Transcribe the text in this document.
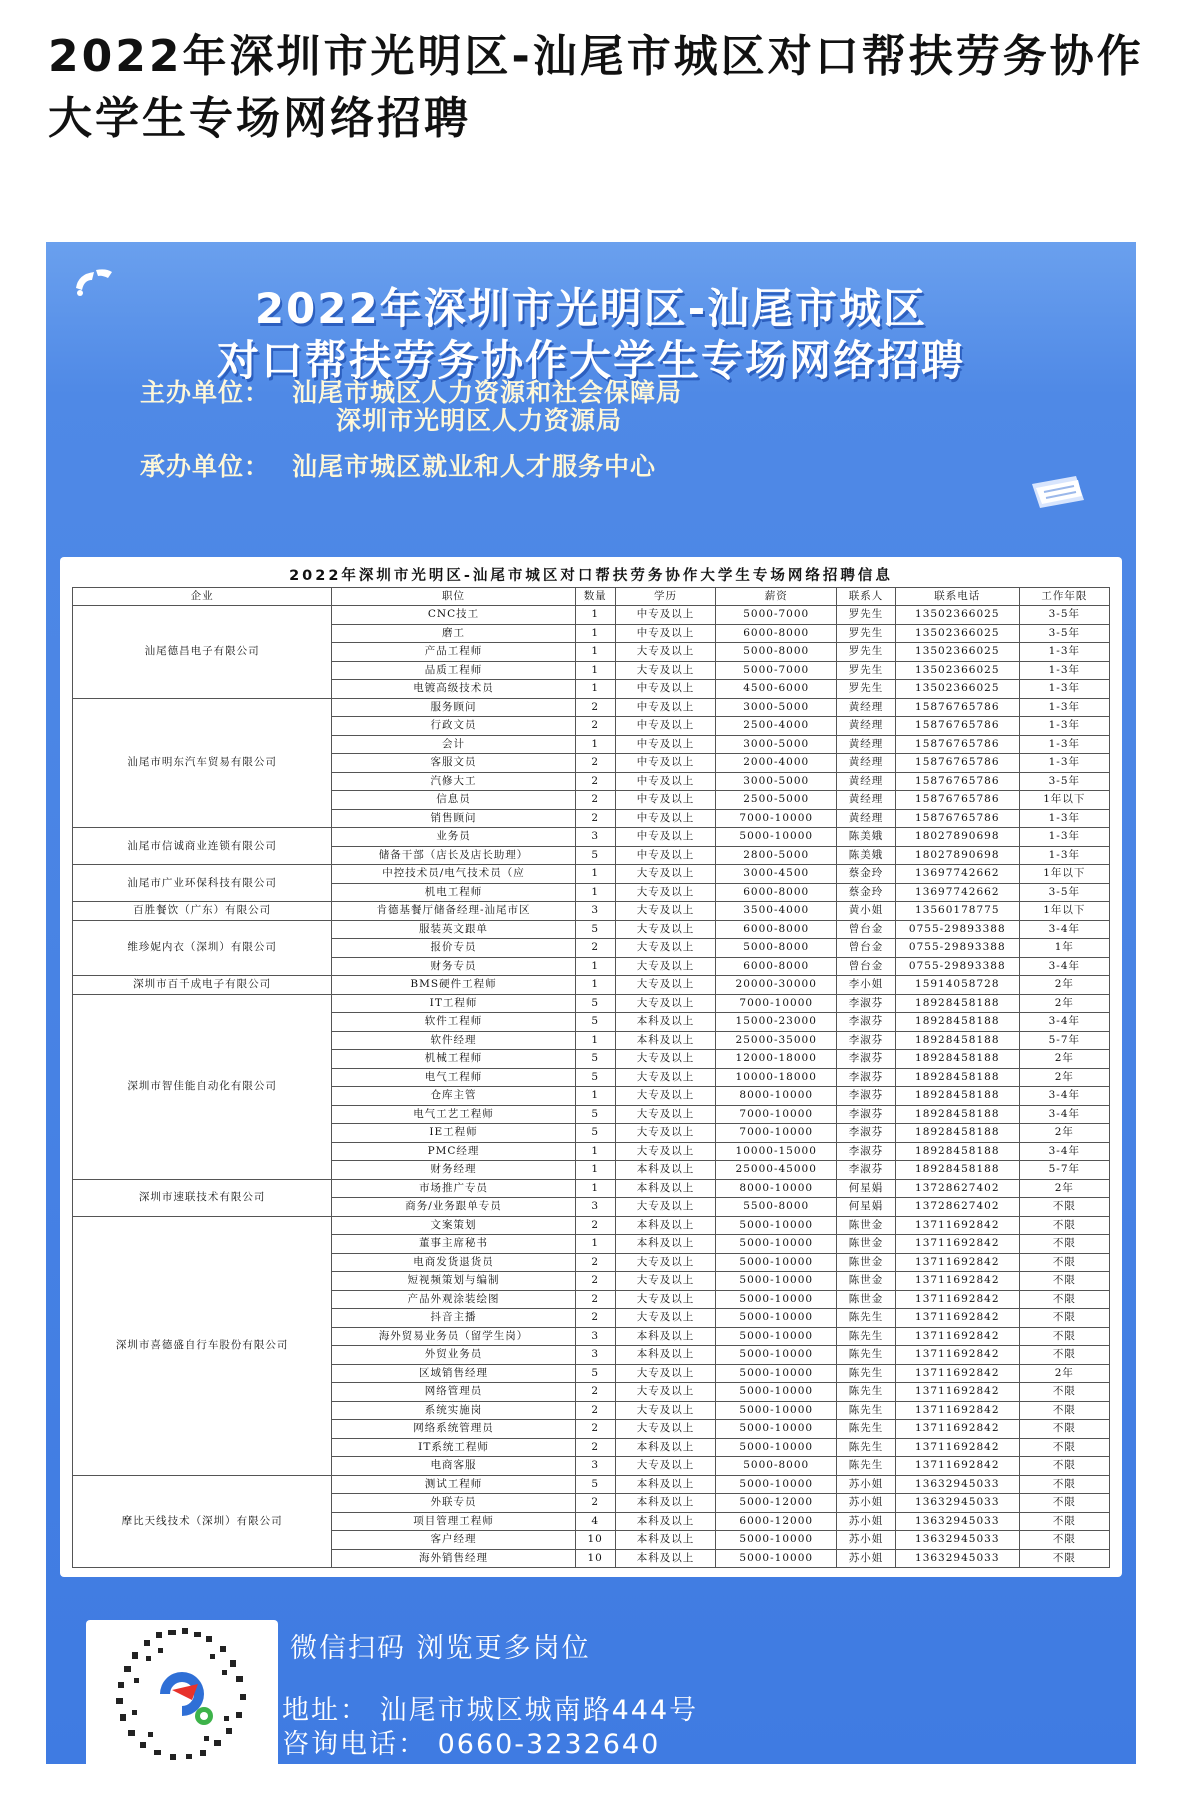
2022年深圳市光明区-汕尾市城区对口帮扶劳务协作大学生专场网络招聘
2022年深圳市光明区-汕尾市城区
对口帮扶劳务协作大学生专场网络招聘
主办单位： 汕尾市城区人力资源和社会保障局
深圳市光明区人力资源局
承办单位： 汕尾市城区就业和人才服务中心
2022年深圳市光明区-汕尾市城区对口帮扶劳务协作大学生专场网络招聘信息
企业	职位	数量	学历	薪资	联系人	联系电话	工作年限
汕尾德昌电子有限公司	CNC技工	1	中专及以上	5000-7000	罗先生	13502366025	3-5年
	磨工	1	中专及以上	6000-8000	罗先生	13502366025	3-5年
	产品工程师	1	大专及以上	5000-8000	罗先生	13502366025	1-3年
	品质工程师	1	大专及以上	5000-7000	罗先生	13502366025	1-3年
	电镀高级技术员	1	中专及以上	4500-6000	罗先生	13502366025	1-3年
汕尾市明东汽车贸易有限公司	服务顾问	2	中专及以上	3000-5000	黄经理	15876765786	1-3年
	行政文员	2	中专及以上	2500-4000	黄经理	15876765786	1-3年
	会计	1	中专及以上	3000-5000	黄经理	15876765786	1-3年
	客服文员	2	中专及以上	2000-4000	黄经理	15876765786	1-3年
	汽修大工	2	中专及以上	3000-5000	黄经理	15876765786	3-5年
	信息员	2	中专及以上	2500-5000	黄经理	15876765786	1年以下
	销售顾问	2	中专及以上	7000-10000	黄经理	15876765786	1-3年
汕尾市信诚商业连锁有限公司	业务员	3	中专及以上	5000-10000	陈美娥	18027890698	1-3年
	储备干部（店长及店长助理）	5	中专及以上	2800-5000	陈美娥	18027890698	1-3年
汕尾市广业环保科技有限公司	中控技术员/电气技术员（应	1	大专及以上	3000-4500	蔡金玲	13697742662	1年以下
	机电工程师	1	大专及以上	6000-8000	蔡金玲	13697742662	3-5年
百胜餐饮（广东）有限公司	肯德基餐厅储备经理-汕尾市区	3	大专及以上	3500-4000	黄小姐	13560178775	1年以下
维珍妮内衣（深圳）有限公司	服装英文跟单	5	大专及以上	6000-8000	曾台金	0755-29893388	3-4年
	报价专员	2	大专及以上	5000-8000	曾台金	0755-29893388	1年
	财务专员	1	大专及以上	6000-8000	曾台金	0755-29893388	3-4年
深圳市百千成电子有限公司	BMS硬件工程师	1	大专及以上	20000-30000	李小姐	15914058728	2年
深圳市智佳能自动化有限公司	IT工程师	5	大专及以上	7000-10000	李淑芬	18928458188	2年
	软件工程师	5	本科及以上	15000-23000	李淑芬	18928458188	3-4年
	软件经理	1	本科及以上	25000-35000	李淑芬	18928458188	5-7年
	机械工程师	5	大专及以上	12000-18000	李淑芬	18928458188	2年
	电气工程师	5	大专及以上	10000-18000	李淑芬	18928458188	2年
	仓库主管	1	大专及以上	8000-10000	李淑芬	18928458188	3-4年
	电气工艺工程师	5	大专及以上	7000-10000	李淑芬	18928458188	3-4年
	IE工程师	5	大专及以上	7000-10000	李淑芬	18928458188	2年
	PMC经理	1	大专及以上	10000-15000	李淑芬	18928458188	3-4年
	财务经理	1	本科及以上	25000-45000	李淑芬	18928458188	5-7年
深圳市速联技术有限公司	市场推广专员	1	本科及以上	8000-10000	何星娟	13728627402	2年
	商务/业务跟单专员	3	大专及以上	5500-8000	何星娟	13728627402	不限
深圳市喜德盛自行车股份有限公司	文案策划	2	本科及以上	5000-10000	陈世金	13711692842	不限
	董事主席秘书	1	本科及以上	5000-10000	陈世金	13711692842	不限
	电商发货退货员	2	大专及以上	5000-10000	陈世金	13711692842	不限
	短视频策划与编制	2	大专及以上	5000-10000	陈世金	13711692842	不限
	产品外观涂装绘图	2	大专及以上	5000-10000	陈世金	13711692842	不限
	抖音主播	2	大专及以上	5000-10000	陈先生	13711692842	不限
	海外贸易业务员（留学生岗）	3	本科及以上	5000-10000	陈先生	13711692842	不限
	外贸业务员	3	本科及以上	5000-10000	陈先生	13711692842	不限
	区域销售经理	5	大专及以上	5000-10000	陈先生	13711692842	2年
	网络管理员	2	大专及以上	5000-10000	陈先生	13711692842	不限
	系统实施岗	2	大专及以上	5000-10000	陈先生	13711692842	不限
	网络系统管理员	2	大专及以上	5000-10000	陈先生	13711692842	不限
	IT系统工程师	2	本科及以上	5000-10000	陈先生	13711692842	不限
	电商客服	3	大专及以上	5000-8000	陈先生	13711692842	不限
摩比天线技术（深圳）有限公司	测试工程师	5	本科及以上	5000-10000	苏小姐	13632945033	不限
	外联专员	2	本科及以上	5000-12000	苏小姐	13632945033	不限
	项目管理工程师	4	本科及以上	6000-12000	苏小姐	13632945033	不限
	客户经理	10	本科及以上	5000-10000	苏小姐	13632945033	不限
	海外销售经理	10	本科及以上	5000-10000	苏小姐	13632945033	不限
微信扫码 浏览更多岗位
地址： 汕尾市城区城南路444号
咨询电话： 0660-3232640
